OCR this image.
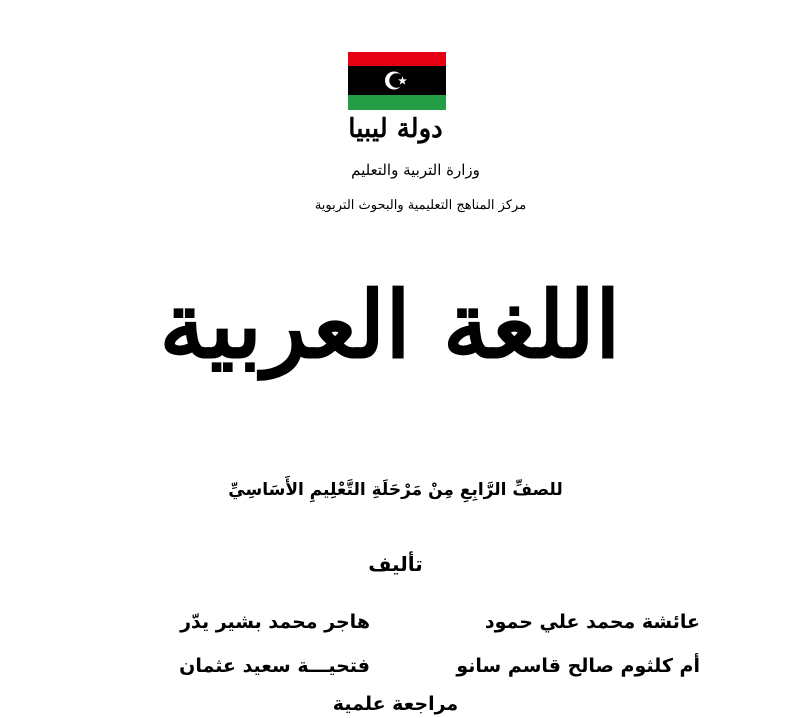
دولة ليبيا
وزارة التربية والتعليم
مركز المناهج التعليمية والبحوث التربوية
اللغة العربية
للصفِّ الرَّابِعِ مِنْ مَرْحَلَةِ التَّعْلِيمِ الأَسَاسِيِّ
تأليف
عائشة محمد علي حمود
هاجر محمد بشير يدّر
أم كلثوم صالح قاسم سانو
فتحيـــة سعيد عثمان
مراجعة علمية
